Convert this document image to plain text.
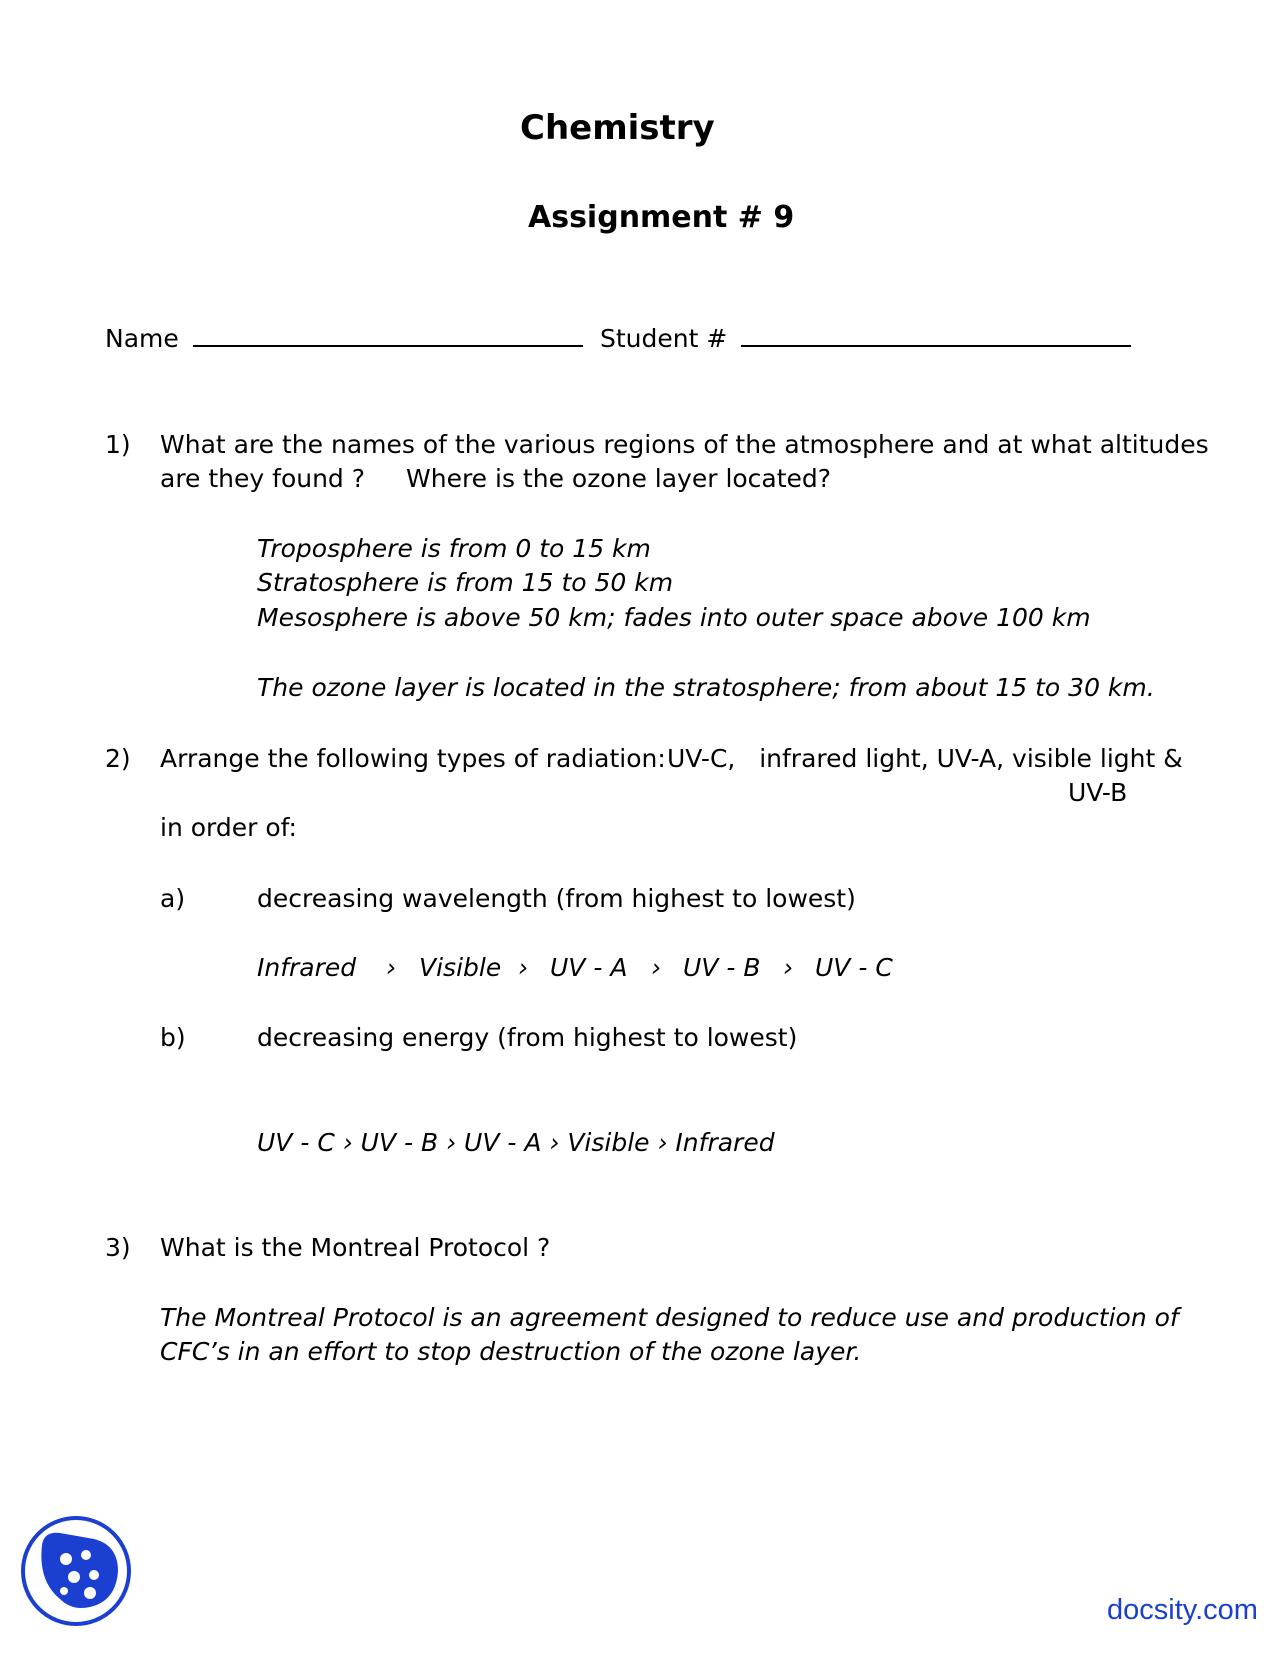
Chemistry
Assignment # 9
Name	Student #
1) What are the names of the various regions of the atmosphere and at what altitudes
are they found ? Where is the ozone layer located?
Troposphere is from 0 to 15 km
Stratosphere is from 15 to 50 km
Mesosphere is above 50 km; fades into outer space above 100 km
The ozone layer is located in the stratosphere; from about 15 to 30 km.
2) Arrange the following types of radiation: UV-C,   infrared light, UV-A, visible light &
UV-B
in order of:
a)	decreasing wavelength (from highest to lowest)
Infrared › Visible › UV - A › UV - B › UV - C
b)	decreasing energy (from highest to lowest)
UV - C › UV - B › UV - A › Visible › Infrared
3) What is the Montreal Protocol ?
The Montreal Protocol is an agreement designed to reduce use and production of
CFC’s in an effort to stop destruction of the ozone layer.
docsity.com
